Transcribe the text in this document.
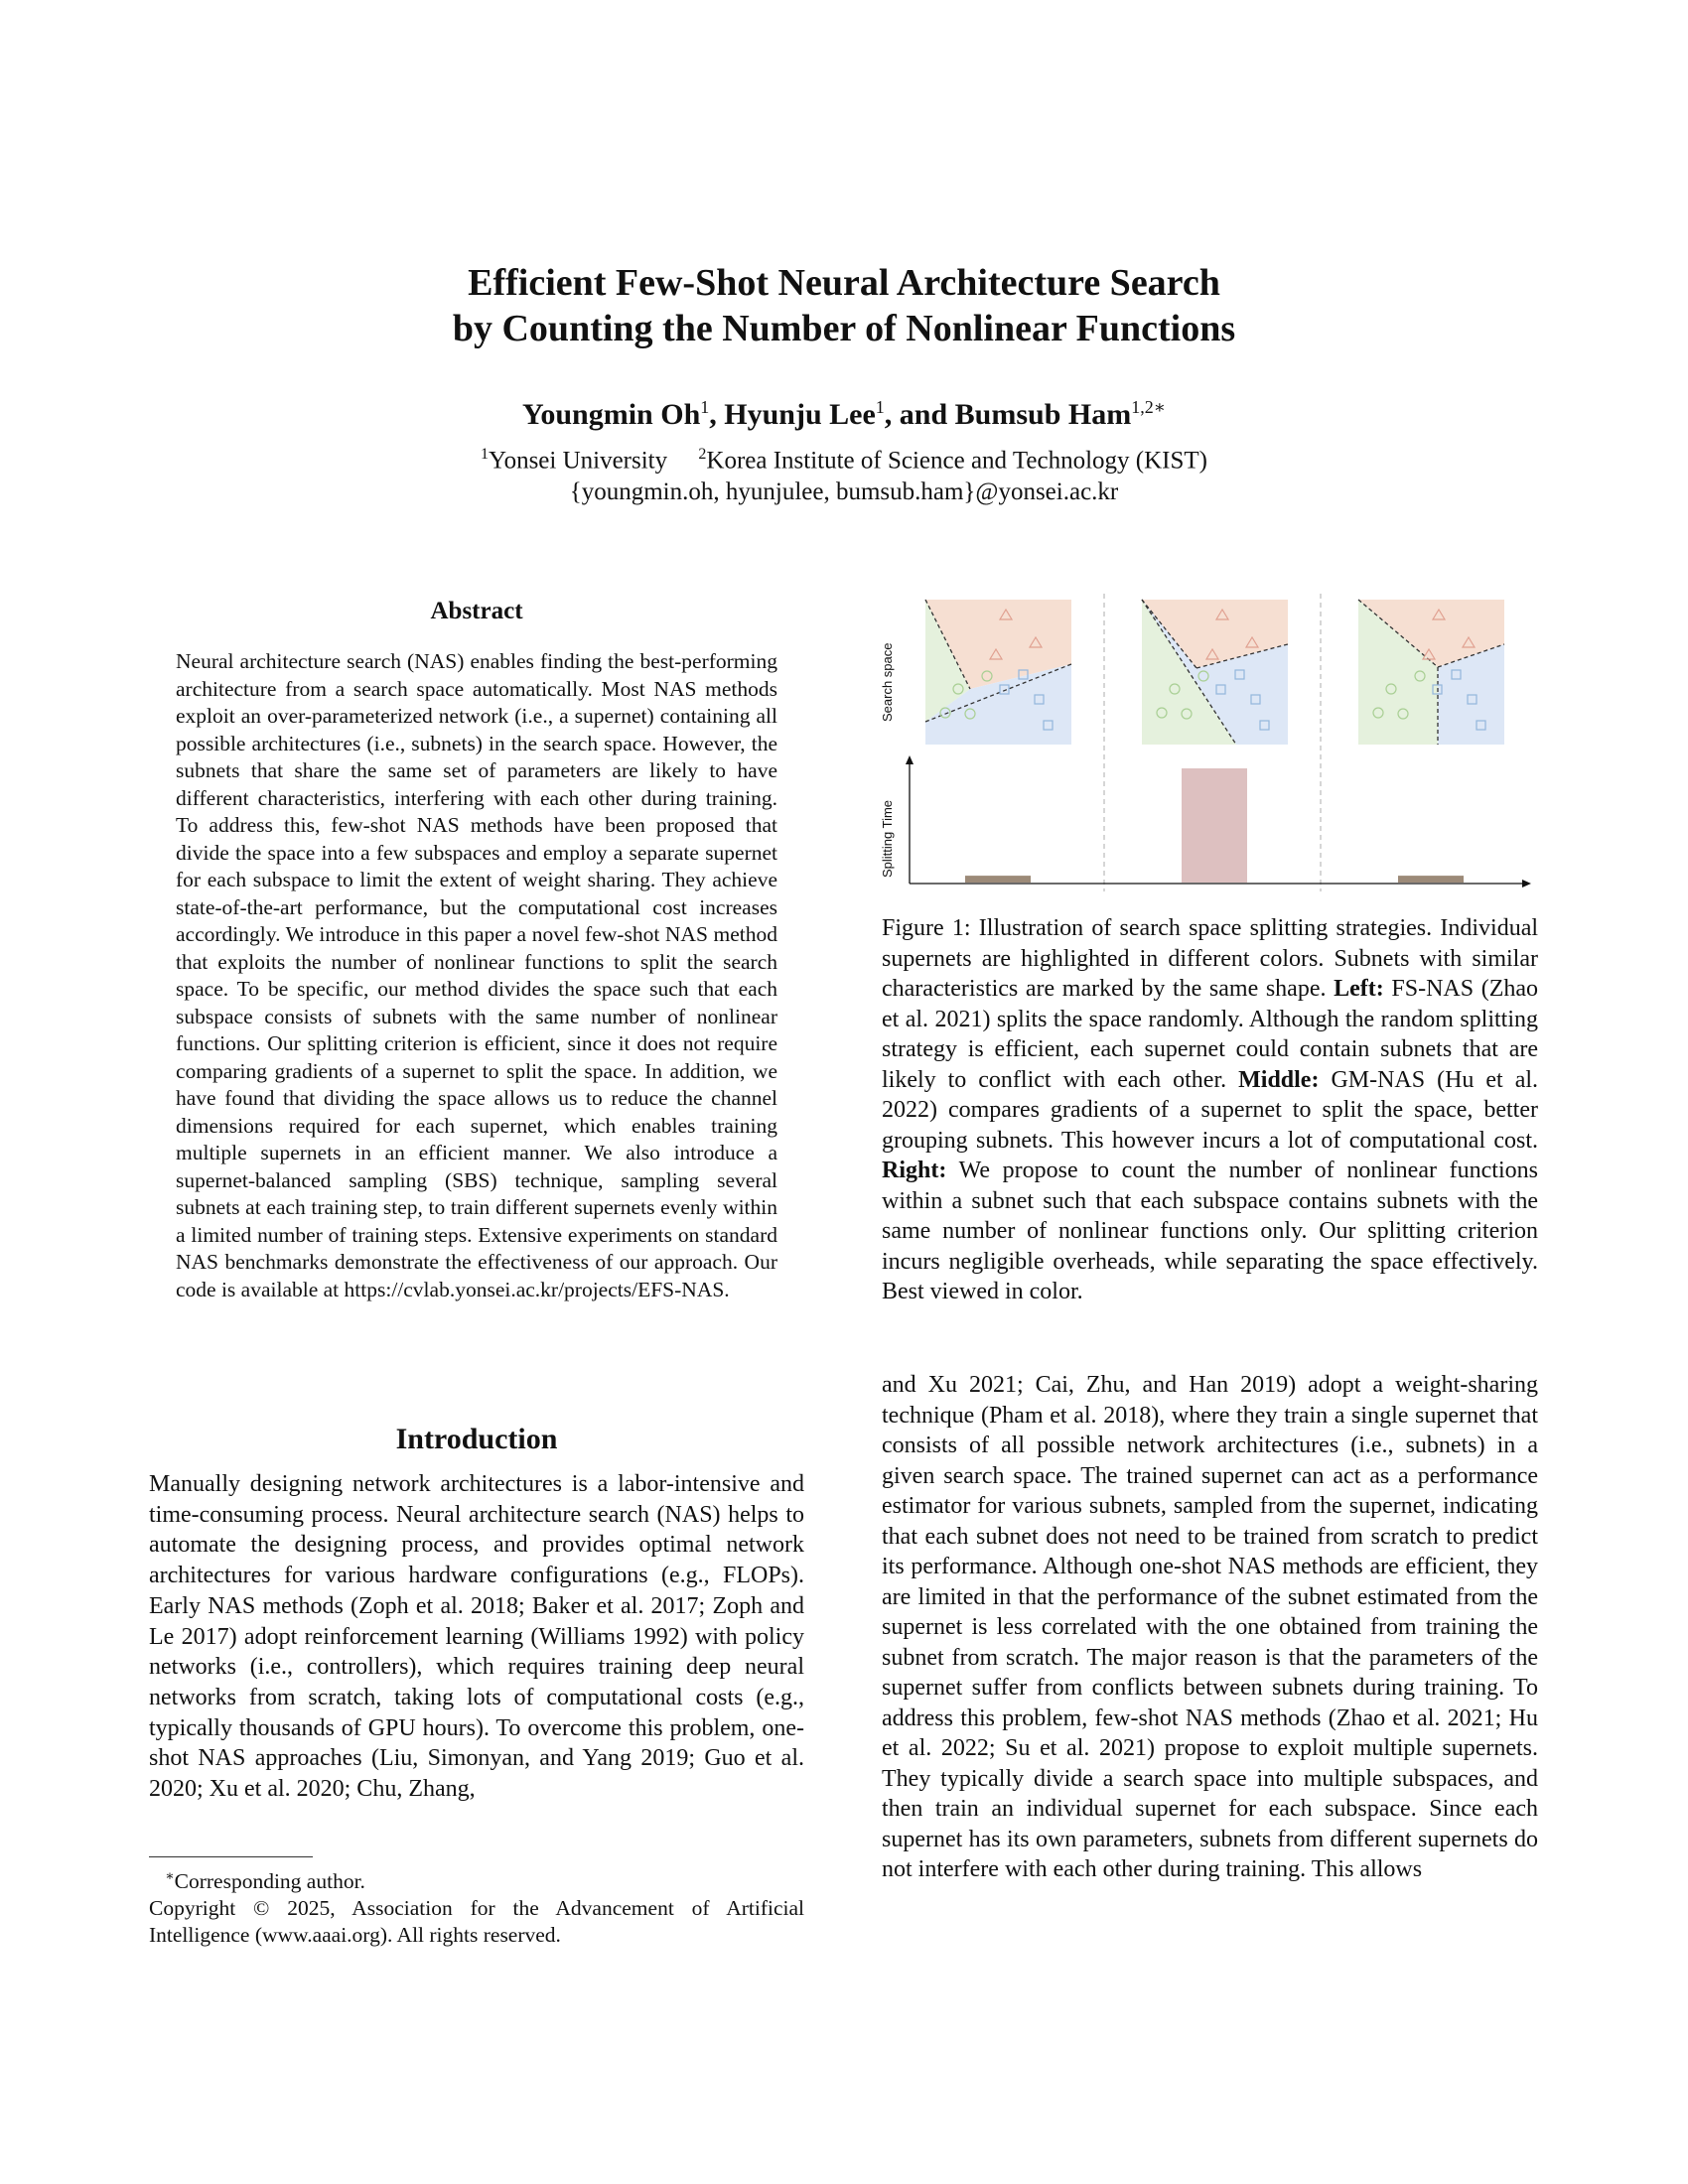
Efficient Few-Shot Neural Architecture Search
by Counting the Number of Nonlinear Functions
Youngmin Oh$^1$, Hyunju Lee$^1$, and Bumsub Ham$^{1,2∗}$
$^1$Yonsei University $^2$Korea Institute of Science and Technology (KIST)
{youngmin.oh, hyunjulee, bumsub.ham}@yonsei.ac.kr
Abstract
Neural architecture search (NAS) enables finding the best-performing architecture from a search space automatically. Most NAS methods exploit an over-parameterized network (i.e., a supernet) containing all possible architectures (i.e., subnets) in the search space. However, the subnets that share the same set of parameters are likely to have different characteristics, interfering with each other during training. To address this, few-shot NAS methods have been proposed that divide the space into a few subspaces and employ a separate supernet for each subspace to limit the extent of weight sharing. They achieve state-of-the-art performance, but the computational cost increases accordingly. We introduce in this paper a novel few-shot NAS method that exploits the number of nonlinear functions to split the search space. To be specific, our method divides the space such that each subspace consists of subnets with the same number of nonlinear functions. Our splitting criterion is efficient, since it does not require comparing gradients of a supernet to split the space. In addition, we have found that dividing the space allows us to reduce the channel dimensions required for each supernet, which enables training multiple supernets in an efficient manner. We also introduce a supernet-balanced sampling (SBS) technique, sampling several subnets at each training step, to train different supernets evenly within a limited number of training steps. Extensive experiments on standard NAS benchmarks demonstrate the effectiveness of our approach. Our code is available at https://cvlab.yonsei.ac.kr/projects/EFS-NAS.
Introduction
Manually designing network architectures is a labor-intensive and time-consuming process. Neural architecture search (NAS) helps to automate the designing process, and provides optimal network architectures for various hardware configurations (e.g., FLOPs). Early NAS methods (Zoph et al. 2018; Baker et al. 2017; Zoph and Le 2017) adopt reinforcement learning (Williams 1992) with policy networks (i.e., controllers), which requires training deep neural networks from scratch, taking lots of computational costs (e.g., typically thousands of GPU hours). To overcome this problem, one-shot NAS approaches (Liu, Simonyan, and Yang 2019; Guo et al. 2020; Xu et al. 2020; Chu, Zhang,
∗Corresponding author.
Copyright © 2025, Association for the Advancement of Artificial Intelligence (www.aaai.org). All rights reserved.
Search space
Splitting Time
Figure 1: Illustration of search space splitting strategies. Individual supernets are highlighted in different colors. Subnets with similar characteristics are marked by the same shape. Left: FS-NAS (Zhao et al. 2021) splits the space randomly. Although the random splitting strategy is efficient, each supernet could contain subnets that are likely to conflict with each other. Middle: GM-NAS (Hu et al. 2022) compares gradients of a supernet to split the space, better grouping subnets. This however incurs a lot of computational cost. Right: We propose to count the number of nonlinear functions within a subnet such that each subspace contains subnets with the same number of nonlinear functions only. Our splitting criterion incurs negligible overheads, while separating the space effectively. Best viewed in color.
and Xu 2021; Cai, Zhu, and Han 2019) adopt a weight-sharing technique (Pham et al. 2018), where they train a single supernet that consists of all possible network architectures (i.e., subnets) in a given search space. The trained supernet can act as a performance estimator for various subnets, sampled from the supernet, indicating that each subnet does not need to be trained from scratch to predict its performance. Although one-shot NAS methods are efficient, they are limited in that the performance of the subnet estimated from the supernet is less correlated with the one obtained from training the subnet from scratch. The major reason is that the parameters of the supernet suffer from conflicts between subnets during training. To address this problem, few-shot NAS methods (Zhao et al. 2021; Hu et al. 2022; Su et al. 2021) propose to exploit multiple supernets. They typically divide a search space into multiple subspaces, and then train an individual supernet for each subspace. Since each supernet has its own parameters, subnets from different supernets do not interfere with each other during training. This allows
